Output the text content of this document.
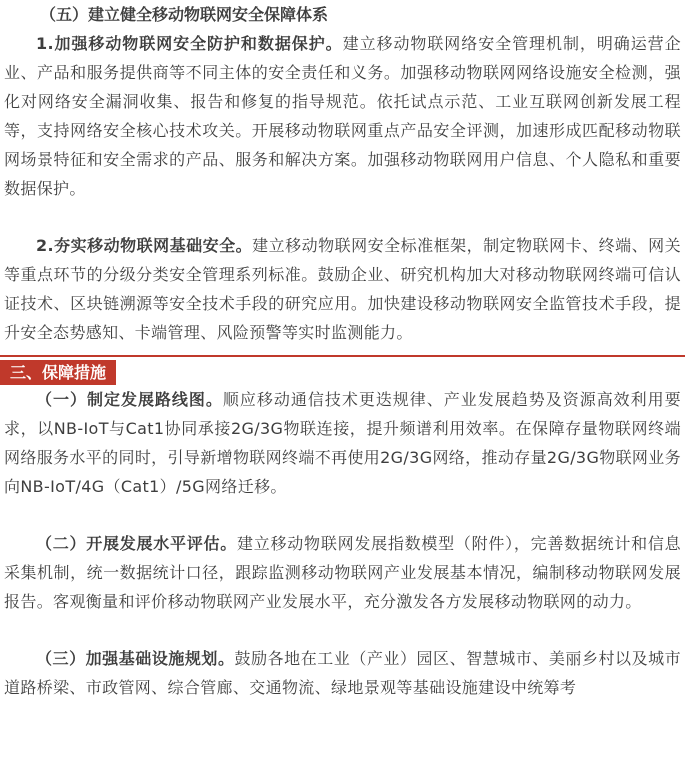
（五）建立健全移动物联网安全保障体系

1.加强移动物联网安全防护和数据保护。建立移动物联网络安全管理机制，明确运营企业、产品和服务提供商等不同主体的安全责任和义务。加强移动物联网网络设施安全检测，强化对网络安全漏洞收集、报告和修复的指导规范。依托试点示范、工业互联网创新发展工程等，支持网络安全核心技术攻关。开展移动物联网重点产品安全评测，加速形成匹配移动物联网场景特征和安全需求的产品、服务和解决方案。加强移动物联网用户信息、个人隐私和重要数据保护。

2.夯实移动物联网基础安全。建立移动物联网安全标准框架，制定物联网卡、终端、网关等重点环节的分级分类安全管理系列标准。鼓励企业、研究机构加大对移动物联网终端可信认证技术、区块链溯源等安全技术手段的研究应用。加快建设移动物联网安全监管技术手段，提升安全态势感知、卡端管理、风险预警等实时监测能力。

三、保障措施

（一）制定发展路线图。顺应移动通信技术更迭规律、产业发展趋势及资源高效利用要求，以NB-IoT与Cat1协同承接2G/3G物联连接，提升频谱利用效率。在保障存量物联网终端网络服务水平的同时，引导新增物联网终端不再使用2G/3G网络，推动存量2G/3G物联网业务向NB-IoT/4G（Cat1）/5G网络迁移。

（二）开展发展水平评估。建立移动物联网发展指数模型（附件），完善数据统计和信息采集机制，统一数据统计口径，跟踪监测移动物联网产业发展基本情况，编制移动物联网发展报告。客观衡量和评价移动物联网产业发展水平，充分激发各方发展移动物联网的动力。

（三）加强基础设施规划。鼓励各地在工业（产业）园区、智慧城市、美丽乡村以及城市道路桥梁、市政管网、综合管廊、交通物流、绿地景观等基础设施建设中统筹考
